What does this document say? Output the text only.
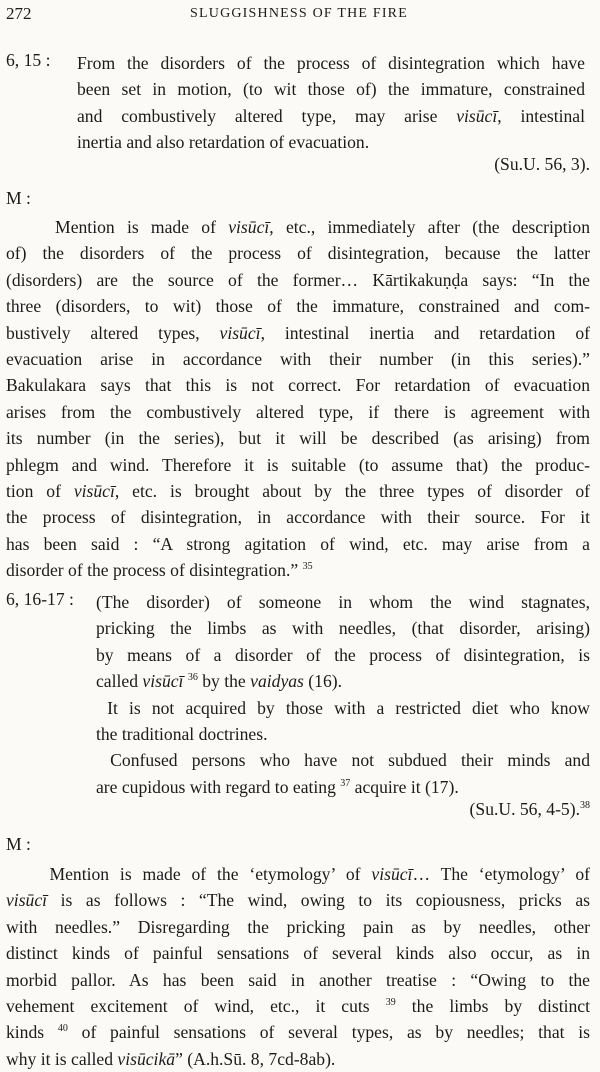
272	SLUGGISHNESS OF THE FIRE
6, 15 : From the disorders of the process of disintegration which have
been set in motion, (to wit those of) the immature, constrained
and combustively altered type, may arise visūcī, intestinal
inertia and also retardation of evacuation.
(Su.U. 56, 3).
M :
Mention is made of visūcī, etc., immediately after (the description
of) the disorders of the process of disintegration, because the latter
(disorders) are the source of the former… Kārtikakuṇḍa says: “In the
three (disorders, to wit) those of the immature, constrained and com-
bustively altered types, visūcī, intestinal inertia and retardation of
evacuation arise in accordance with their number (in this series).”
Bakulakara says that this is not correct. For retardation of evacuation
arises from the combustively altered type, if there is agreement with
its number (in the series), but it will be described (as arising) from
phlegm and wind. Therefore it is suitable (to assume that) the produc-
tion of visūcī, etc. is brought about by the three types of disorder of
the process of disintegration, in accordance with their source. For it
has been said : “A strong agitation of wind, etc. may arise from a
disorder of the process of disintegration.” $^{35}$
6, 16-17 : (The disorder) of someone in whom the wind stagnates,
pricking the limbs as with needles, (that disorder, arising)
by means of a disorder of the process of disintegration, is
called visūcī $^{36}$ by the vaidyas (16).
It is not acquired by those with a restricted diet who know
the traditional doctrines.
Confused persons who have not subdued their minds and
are cupidous with regard to eating $^{37}$ acquire it (17).
(Su.U. 56, 4-5).$^{38}$
M :
Mention is made of the ‘etymology’ of visūcī… The ‘etymology’ of
visūcī is as follows : “The wind, owing to its copiousness, pricks as
with needles.” Disregarding the pricking pain as by needles, other
distinct kinds of painful sensations of several kinds also occur, as in
morbid pallor. As has been said in another treatise : “Owing to the
vehement excitement of wind, etc., it cuts $^{39}$ the limbs by distinct
kinds $^{40}$ of painful sensations of several types, as by needles; that is
why it is called visūcikā” (A.h.Sū. 8, 7cd-8ab).
